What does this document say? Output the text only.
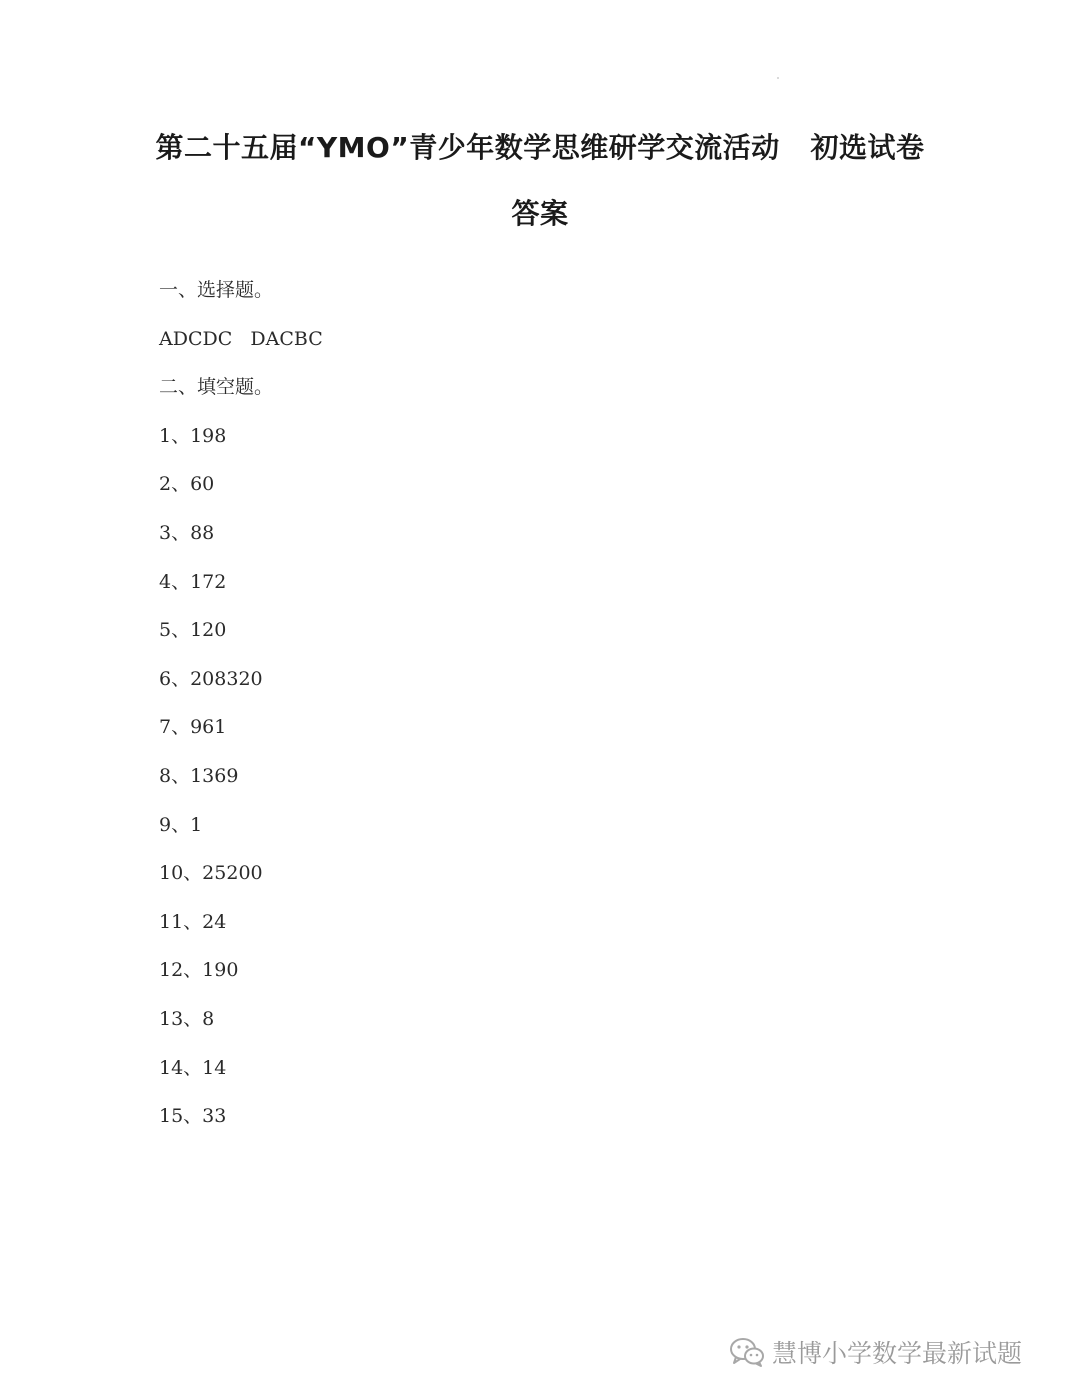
第二十五届“YMO”青少年数学思维研学交流活动   初选试卷
答案
一、选择题。
ADCDC   DACBC
二、填空题。
1、198
2、60
3、88
4、172
5、120
6、208320
7、961
8、1369
9、1
10、25200
11、24
12、190
13、8
14、14
15、33
慧博小学数学最新试题
